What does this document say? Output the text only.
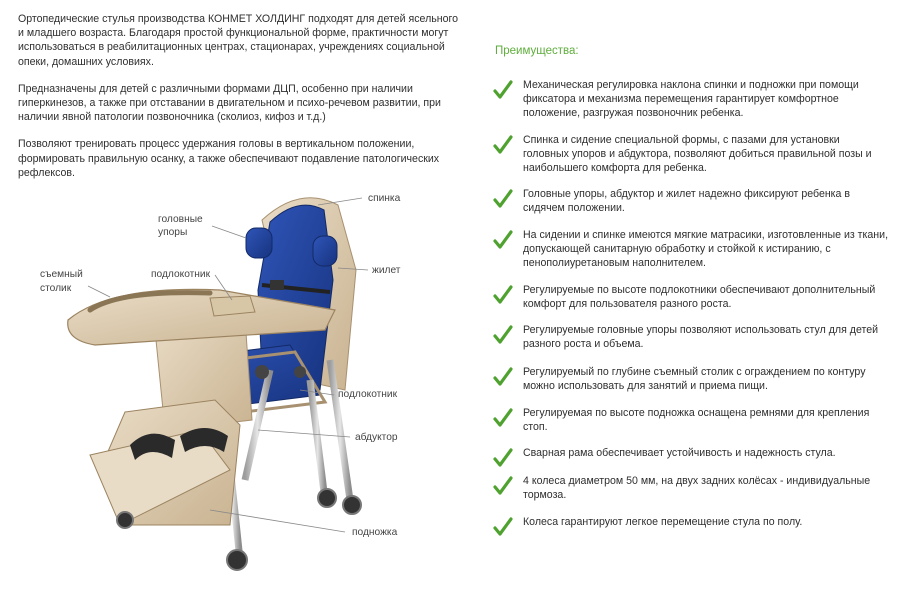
Ортопедические стулья производства КОНМЕТ ХОЛДИНГ подходят для детей ясельного и младшего возраста. Благодаря простой функциональной форме, практичности могут использоваться в реабилитационных центрах, стационарах, учреждениях социальной опеки, домашних условиях.

Предназначены для детей с различными формами ДЦП, особенно при наличии гиперкинезов, а также при отставании в двигательном и психо-речевом развитии, при наличии явной патологии позвоночника (сколиоз, кифоз и т.д.)

Позволяют тренировать процесс удержания головы в вертикальном положении, формировать правильную осанку, а также обеспечивают подавление патологических рефлексов.

спинка
головные
упоры
жилет
съемный
столик
подлокотник
подлокотник
абдуктор
подножка
Преимущества:
Механическая регулировка наклона спинки и подножки при помощи фиксатора и механизма перемещения гарантирует комфортное положение, разгружая позвоночник ребенка.
Спинка и сидение специальной формы, с пазами для установки головных упоров и абдуктора, позволяют добиться правильной позы и наибольшего комфорта для ребенка.
Головные упоры, абдуктор и жилет надежно фиксируют ребенка в сидячем положении.
На сидении и спинке имеются мягкие матрасики, изготовленные из ткани, допускающей санитарную обработку и стойкой к истиранию, с пенополиуретановым наполнителем.
Регулируемые по высоте подлокотники обеспечивают дополнительный комфорт для пользователя разного роста.
Регулируемые головные упоры позволяют использовать стул для детей разного роста и объема.
Регулируемый по глубине съемный столик с ограждением по контуру можно использовать для занятий и приема пищи.
Регулируемая по высоте подножка оснащена ремнями для крепления стоп.
Сварная рама обеспечивает устойчивость и надежность стула.
4 колеса диаметром 50 мм, на двух задних колёсах - индивидуальные тормоза.
Колеса гарантируют легкое перемещение стула по полу.
